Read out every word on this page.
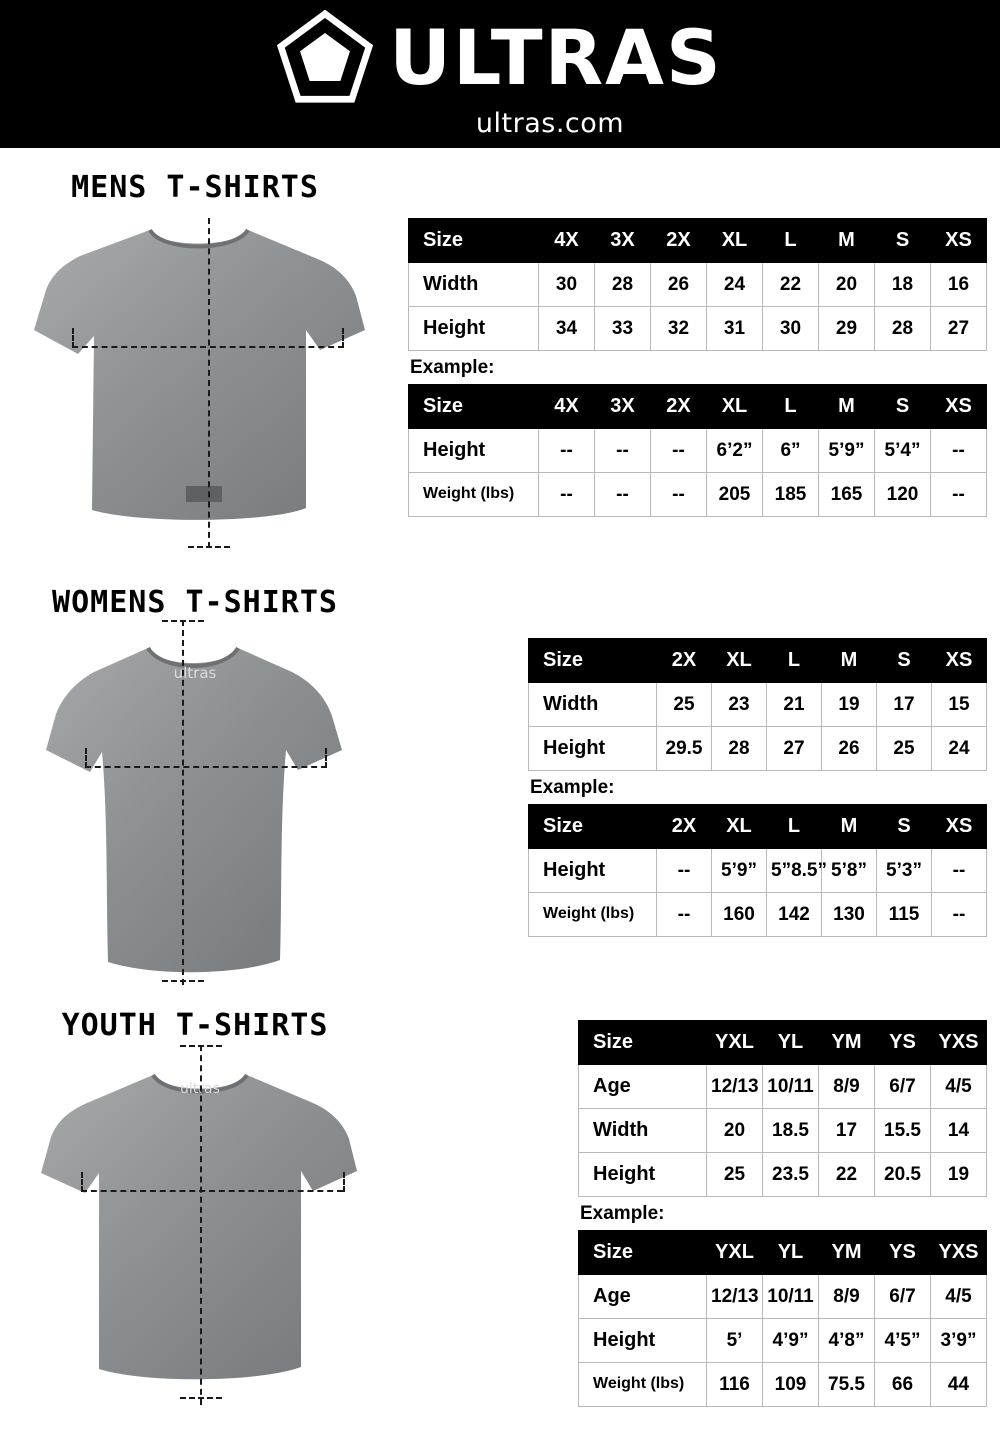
ULTRAS
ultras.com
MENS T-SHIRTS
Size	4X	3X	2X	XL	L	M	S	XS
Width	30	28	26	24	22	20	18	16
Height	34	33	32	31	30	29	28	27
Example:
Size	4X	3X	2X	XL	L	M	S	XS
Height	--	--	--	6’2”	6”	5’9”	5’4”	--
Weight (lbs)	--	--	--	205	185	165	120	--
WOMENS T-SHIRTS
ultras
Size	2X	XL	L	M	S	XS
Width	25	23	21	19	17	15
Height	29.5	28	27	26	25	24
Example:
Size	2X	XL	L	M	S	XS
Height	--	5’9”	5”8.5”	5’8”	5’3”	--
Weight (lbs)	--	160	142	130	115	--
YOUTH T-SHIRTS
ultras
Size	YXL	YL	YM	YS	YXS
Age	12/13	10/11	8/9	6/7	4/5
Width	20	18.5	17	15.5	14
Height	25	23.5	22	20.5	19
Example:
Size	YXL	YL	YM	YS	YXS
Age	12/13	10/11	8/9	6/7	4/5
Height	5’	4’9”	4’8”	4’5”	3’9”
Weight (lbs)	116	109	75.5	66	44
